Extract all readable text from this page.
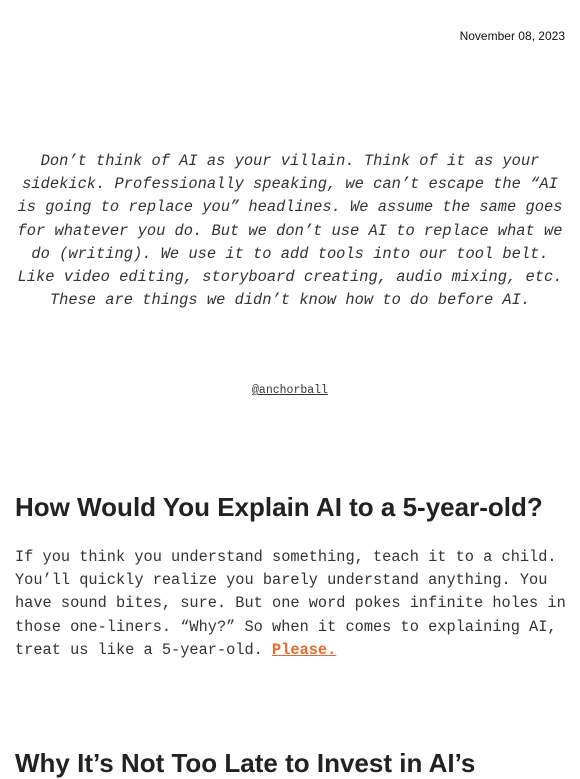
November 08, 2023

Don’t think of AI as your villain. Think of it as your sidekick. Professionally speaking, we can’t escape the “AI is going to replace you” headlines. We assume the same goes for whatever you do. But we don’t use AI to replace what we do (writing). We use it to add tools into our tool belt. Like video editing, storyboard creating, audio mixing, etc. These are things we didn’t know how to do before AI.

@anchorball
How Would You Explain AI to a 5-year-old?

If you think you understand something, teach it to a child. You’ll quickly realize you barely understand anything. You have sound bites, sure. But one word pokes infinite holes in those one-liners. “Why?” So when it comes to explaining AI, treat us like a 5-year-old. Please.

Why It’s Not Too Late to Invest in AI’s
